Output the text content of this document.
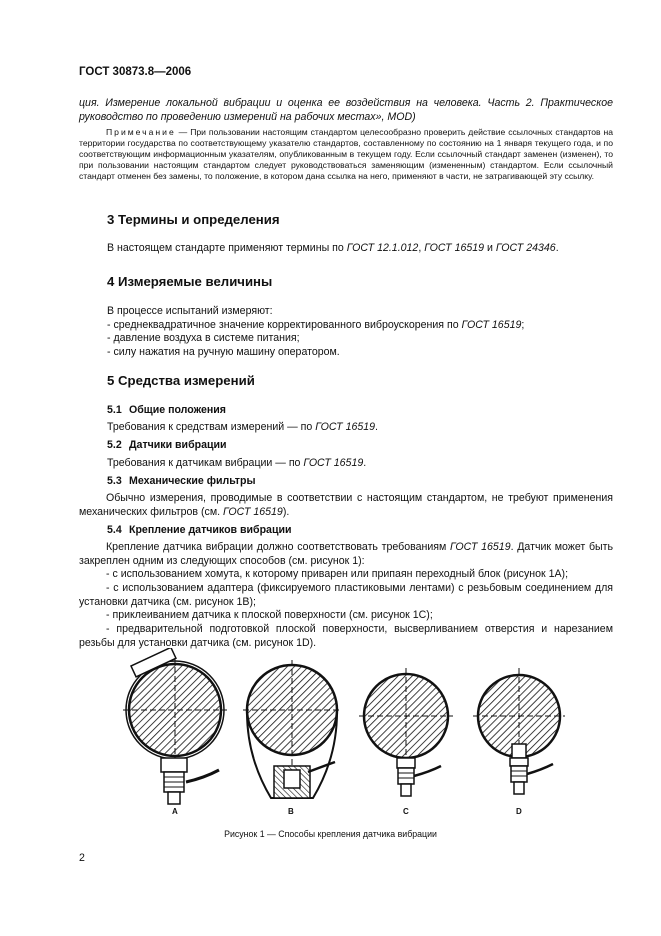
ГОСТ 30873.8—2006
ция. Измерение локальной вибрации и оценка ее воздействия на человека. Часть 2. Практическое руководство по проведению измерений на рабочих местах», MOD)
Примечание — При пользовании настоящим стандартом целесообразно проверить действие ссылочных стандартов на территории государства по соответствующему указателю стандартов, составленному по состоянию на 1 января текущего года, и по соответствующим информационным указателям, опубликованным в текущем году. Если ссылочный стандарт заменен (изменен), то при пользовании настоящим стандартом следует руководствоваться заменяющим (измененным) стандартом. Если ссылочный стандарт отменен без замены, то положение, в котором дана ссылка на него, применяют в части, не затрагивающей эту ссылку.
3 Термины и определения
В настоящем стандарте применяют термины по ГОСТ 12.1.012, ГОСТ 16519 и ГОСТ 24346.
4 Измеряемые величины
В процессе испытаний измеряют:
- среднеквадратичное значение корректированного виброускорения по ГОСТ 16519;
- давление воздуха в системе питания;
- силу нажатия на ручную машину оператором.
5 Средства измерений
5.1 Общие положения
Требования к средствам измерений — по ГОСТ 16519.
5.2 Датчики вибрации
Требования к датчикам вибрации — по ГОСТ 16519.
5.3 Механические фильтры
Обычно измерения, проводимые в соответствии с настоящим стандартом, не требуют применения механических фильтров (см. ГОСТ 16519).
5.4 Крепление датчиков вибрации
Крепление датчика вибрации должно соответствовать требованиям ГОСТ 16519. Датчик может быть закреплен одним из следующих способов (см. рисунок 1):
- с использованием хомута, к которому приварен или припаян переходный блок (рисунок 1А);
- с использованием адаптера (фиксируемого пластиковыми лентами) с резьбовым соединением для установки датчика (см. рисунок 1В);
- приклеиванием датчика к плоской поверхности (см. рисунок 1С);
- предварительной подготовкой плоской поверхности, высверливанием отверстия и нарезанием резьбы для установки датчика (см. рисунок 1D).
A	B	C	D
Рисунок 1 — Способы крепления датчика вибрации
2
